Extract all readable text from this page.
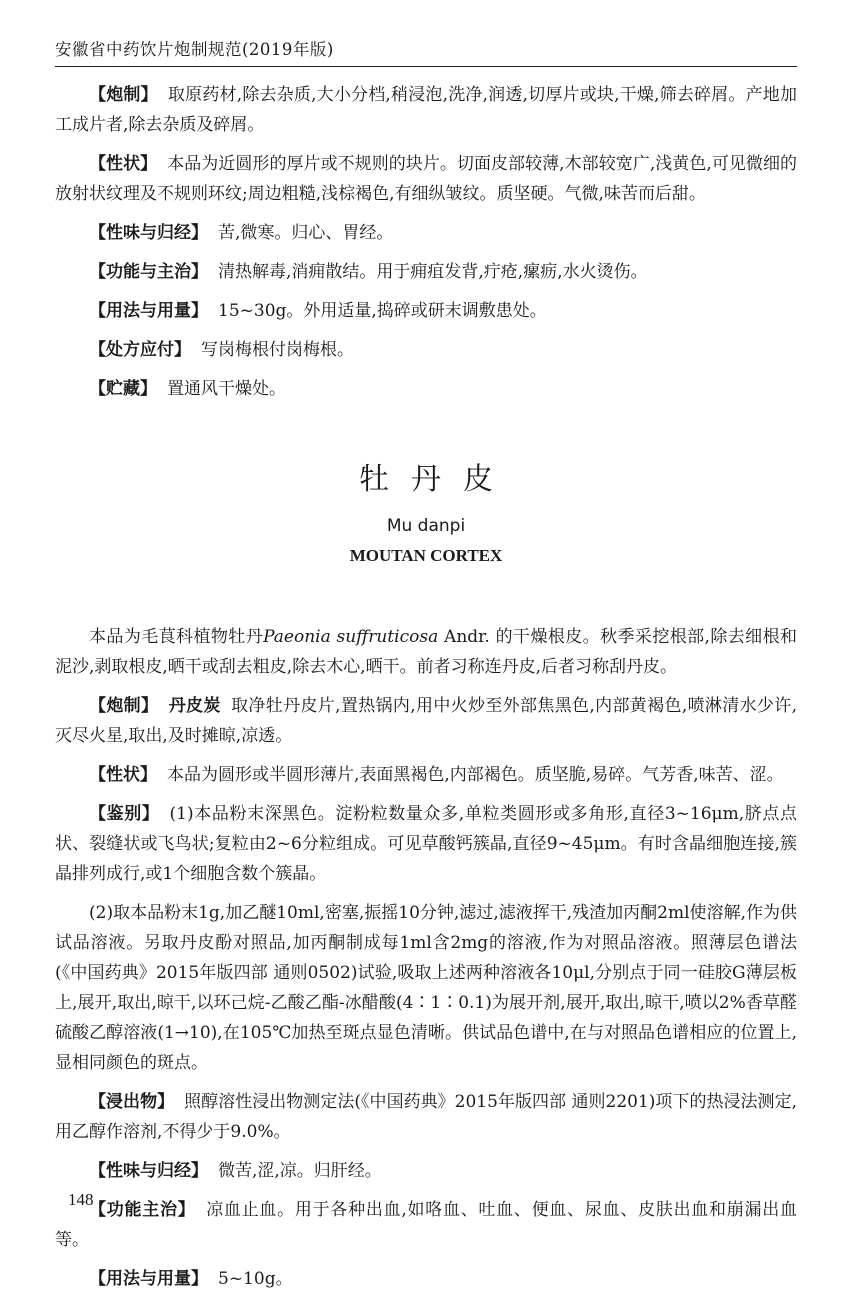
安徽省中药饮片炮制规范(2019年版)

【炮制】 取原药材,除去杂质,大小分档,稍浸泡,洗净,润透,切厚片或块,干燥,筛去碎屑。产地加工成片者,除去杂质及碎屑。

【性状】 本品为近圆形的厚片或不规则的块片。切面皮部较薄,木部较宽广,浅黄色,可见微细的放射状纹理及不规则环纹;周边粗糙,浅棕褐色,有细纵皱纹。质坚硬。气微,味苦而后甜。

【性味与归经】 苦,微寒。归心、胃经。

【功能与主治】 清热解毒,消痈散结。用于痈疽发背,疔疮,瘰疬,水火烫伤。

【用法与用量】 15~30g。外用适量,捣碎或研末调敷患处。

【处方应付】 写岗梅根付岗梅根。

【贮藏】 置通风干燥处。

牡丹皮
Mu danpi
MOUTAN CORTEX

本品为毛茛科植物牡丹Paeonia suffruticosa Andr. 的干燥根皮。秋季采挖根部,除去细根和泥沙,剥取根皮,晒干或刮去粗皮,除去木心,晒干。前者习称连丹皮,后者习称刮丹皮。

【炮制】 丹皮炭 取净牡丹皮片,置热锅内,用中火炒至外部焦黑色,内部黄褐色,喷淋清水少许,灭尽火星,取出,及时摊晾,凉透。

【性状】 本品为圆形或半圆形薄片,表面黑褐色,内部褐色。质坚脆,易碎。气芳香,味苦、涩。

【鉴别】 (1)本品粉末深黑色。淀粉粒数量众多,单粒类圆形或多角形,直径3~16μm,脐点点状、裂缝状或飞鸟状;复粒由2~6分粒组成。可见草酸钙簇晶,直径9~45μm。有时含晶细胞连接,簇晶排列成行,或1个细胞含数个簇晶。

(2)取本品粉末1g,加乙醚10ml,密塞,振摇10分钟,滤过,滤液挥干,残渣加丙酮2ml使溶解,作为供试品溶液。另取丹皮酚对照品,加丙酮制成每1ml含2mg的溶液,作为对照品溶液。照薄层色谱法(《中国药典》2015年版四部 通则0502)试验,吸取上述两种溶液各10μl,分别点于同一硅胶G薄层板上,展开,取出,晾干,以环己烷-乙酸乙酯-冰醋酸(4∶1∶0.1)为展开剂,展开,取出,晾干,喷以2%香草醛硫酸乙醇溶液(1→10),在105℃加热至斑点显色清晰。供试品色谱中,在与对照品色谱相应的位置上,显相同颜色的斑点。

【浸出物】 照醇溶性浸出物测定法(《中国药典》2015年版四部 通则2201)项下的热浸法测定,用乙醇作溶剂,不得少于9.0%。

【性味与归经】 微苦,涩,凉。归肝经。

【功能主治】 凉血止血。用于各种出血,如咯血、吐血、便血、尿血、皮肤出血和崩漏出血等。

【用法与用量】 5~10g。

148
